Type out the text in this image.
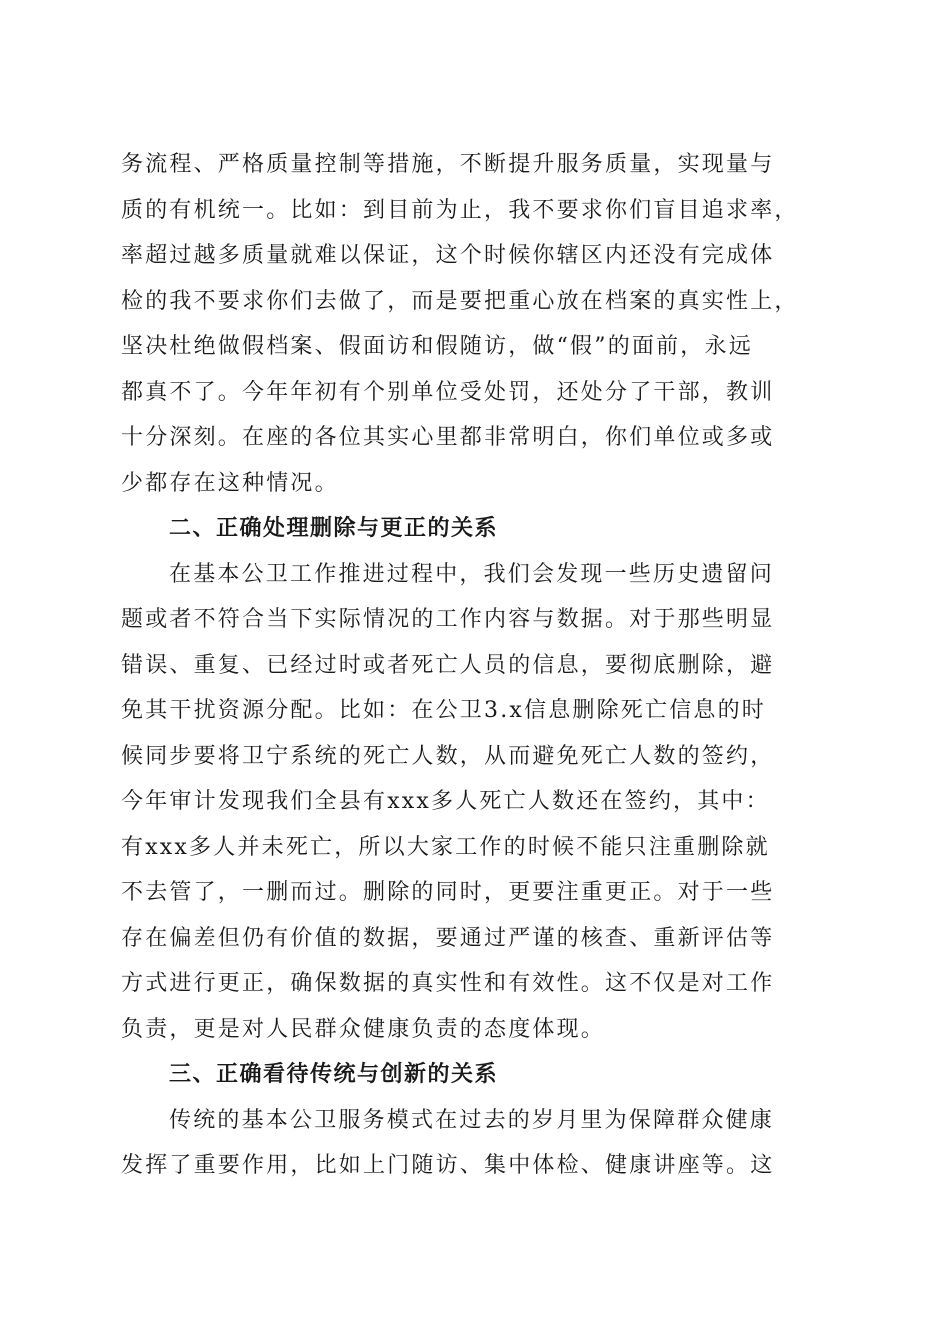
务流程、严格质量控制等措施，不断提升服务质量，实现量与
质的有机统一。比如：到目前为止，我不要求你们盲目追求率，
率超过越多质量就难以保证，这个时候你辖区内还没有完成体
检的我不要求你们去做了，而是要把重心放在档案的真实性上，
坚决杜绝做假档案、假面访和假随访，做“假”的面前，永远
都真不了。今年年初有个别单位受处罚，还处分了干部，教训
十分深刻。在座的各位其实心里都非常明白，你们单位或多或
少都存在这种情况。
二、正确处理删除与更正的关系
在基本公卫工作推进过程中，我们会发现一些历史遗留问
题或者不符合当下实际情况的工作内容与数据。对于那些明显
错误、重复、已经过时或者死亡人员的信息，要彻底删除，避
免其干扰资源分配。比如：在公卫3.x信息删除死亡信息的时
候同步要将卫宁系统的死亡人数，从而避免死亡人数的签约，
今年审计发现我们全县有xxx多人死亡人数还在签约，其中：
有xxx多人并未死亡，所以大家工作的时候不能只注重删除就
不去管了，一删而过。删除的同时，更要注重更正。对于一些
存在偏差但仍有价值的数据，要通过严谨的核查、重新评估等
方式进行更正，确保数据的真实性和有效性。这不仅是对工作
负责，更是对人民群众健康负责的态度体现。
三、正确看待传统与创新的关系
传统的基本公卫服务模式在过去的岁月里为保障群众健康
发挥了重要作用，比如上门随访、集中体检、健康讲座等。这
